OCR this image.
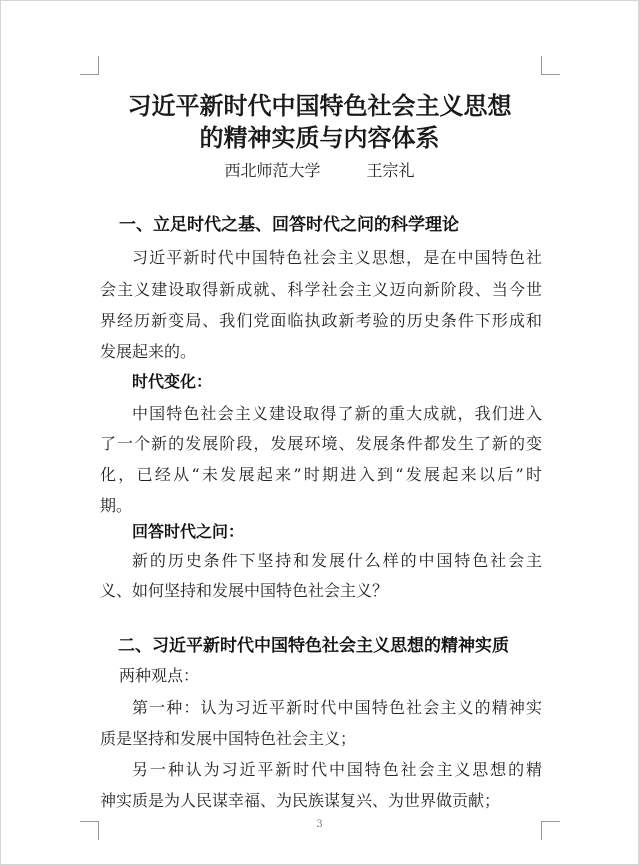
习近平新时代中国特色社会主义思想
的精神实质与内容体系
西北师范大学	王宗礼
一、立足时代之基、回答时代之问的科学理论
习近平新时代中国特色社会主义思想，是在中国特色社
会主义建设取得新成就、科学社会主义迈向新阶段、当今世
界经历新变局、我们党面临执政新考验的历史条件下形成和
发展起来的。
时代变化：
中国特色社会主义建设取得了新的重大成就，我们进入
了一个新的发展阶段，发展环境、发展条件都发生了新的变
化，已经从“未发展起来”时期进入到“发展起来以后”时
期。
回答时代之问：
新的历史条件下坚持和发展什么样的中国特色社会主
义、如何坚持和发展中国特色社会主义？
二、习近平新时代中国特色社会主义思想的精神实质
两种观点：
第一种：认为习近平新时代中国特色社会主义的精神实
质是坚持和发展中国特色社会主义；
另一种认为习近平新时代中国特色社会主义思想的精
神实质是为人民谋幸福、为民族谋复兴、为世界做贡献；
3
